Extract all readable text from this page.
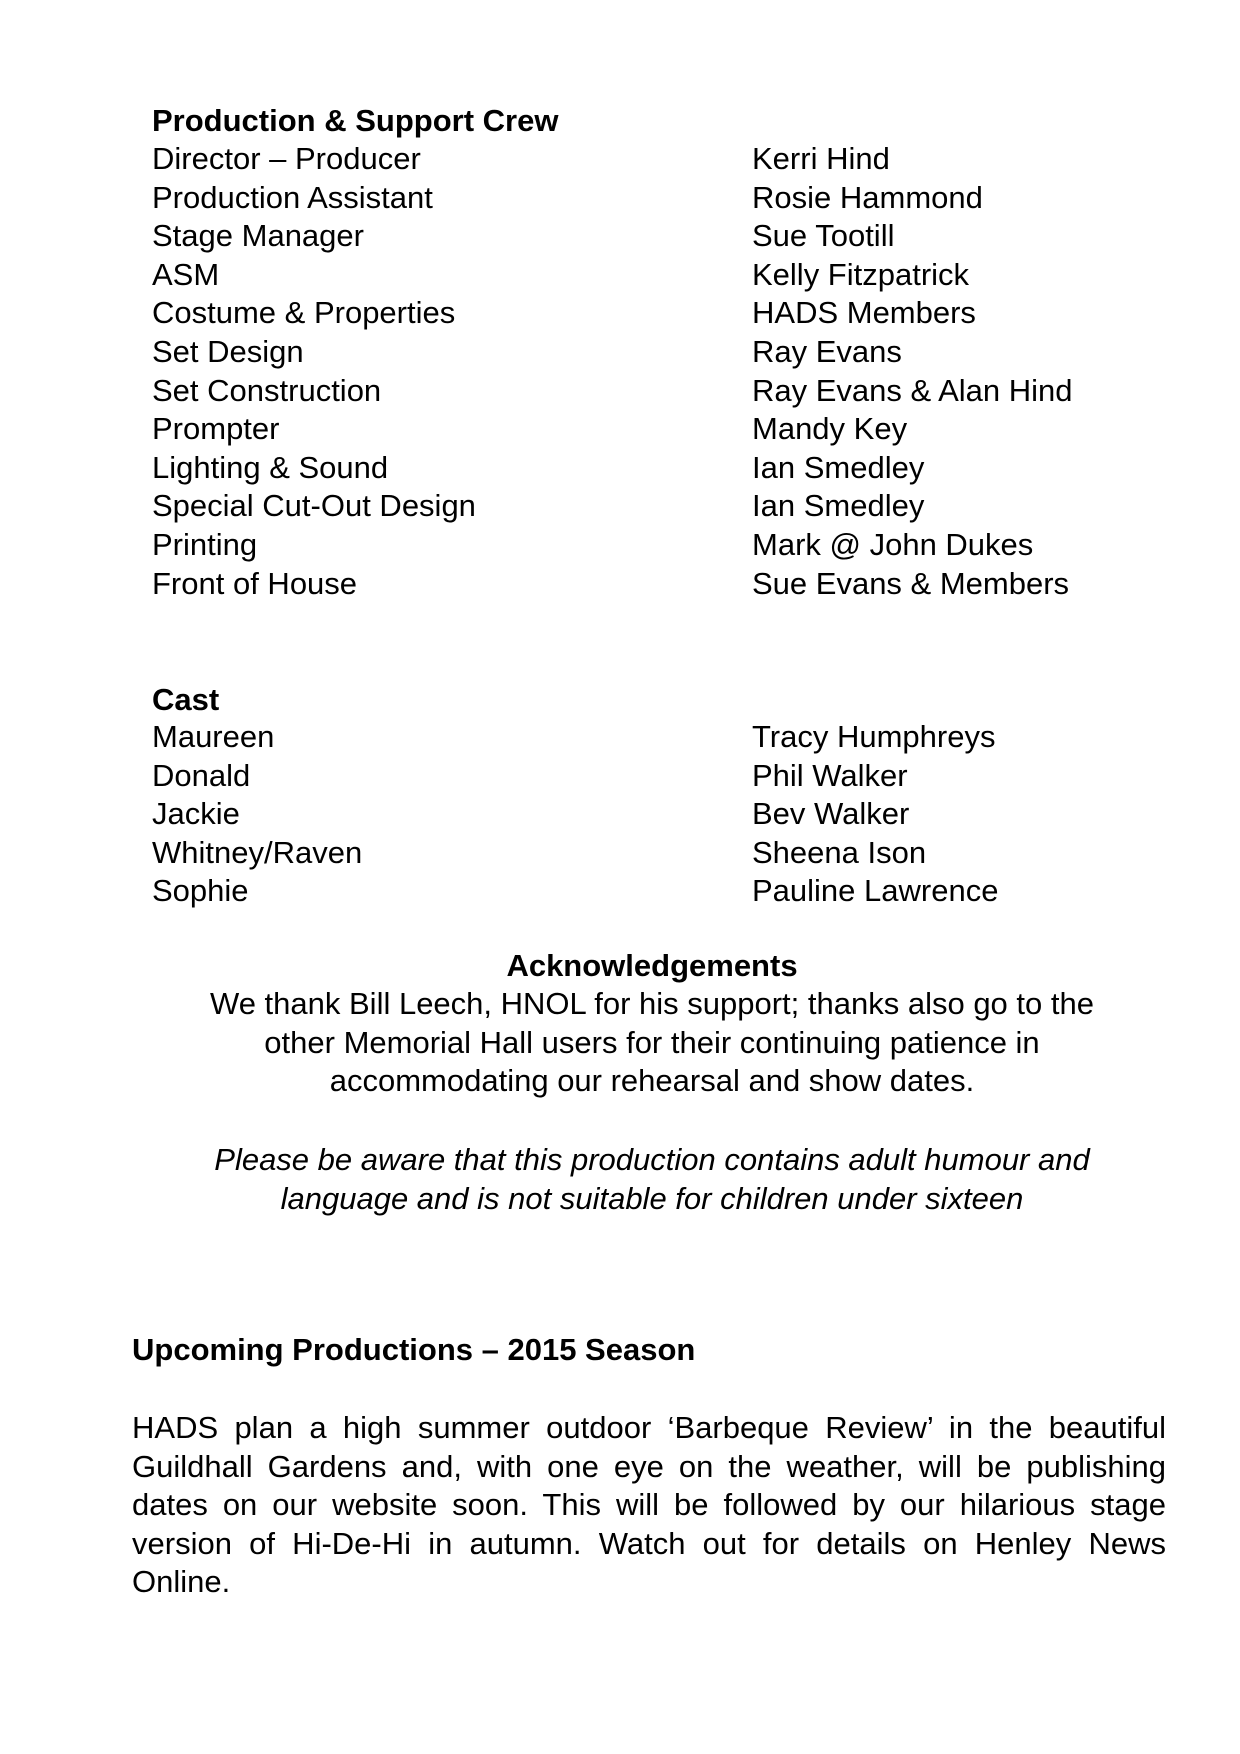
Production & Support Crew
Director – Producer	Kerri Hind
Production Assistant	Rosie Hammond
Stage Manager	Sue Tootill
ASM	Kelly Fitzpatrick
Costume & Properties	HADS Members
Set Design	Ray Evans
Set Construction	Ray Evans & Alan Hind
Prompter	Mandy Key
Lighting & Sound	Ian Smedley
Special Cut-Out Design	Ian Smedley
Printing	Mark @ John Dukes
Front of House	Sue Evans & Members
Cast
Maureen	Tracy Humphreys
Donald	Phil Walker
Jackie	Bev Walker
Whitney/Raven	Sheena Ison
Sophie	Pauline Lawrence
Acknowledgements
We thank Bill Leech, HNOL for his support; thanks also go to the
other Memorial Hall users for their continuing patience in
accommodating our rehearsal and show dates.
Please be aware that this production contains adult humour and
language and is not suitable for children under sixteen
Upcoming Productions – 2015 Season
HADS plan a high summer outdoor ‘Barbeque Review’ in the beautiful Guildhall Gardens and, with one eye on the weather, will be publishing dates on our website soon. This will be followed by our hilarious stage version of Hi-De-Hi in autumn. Watch out for details on Henley News Online.
